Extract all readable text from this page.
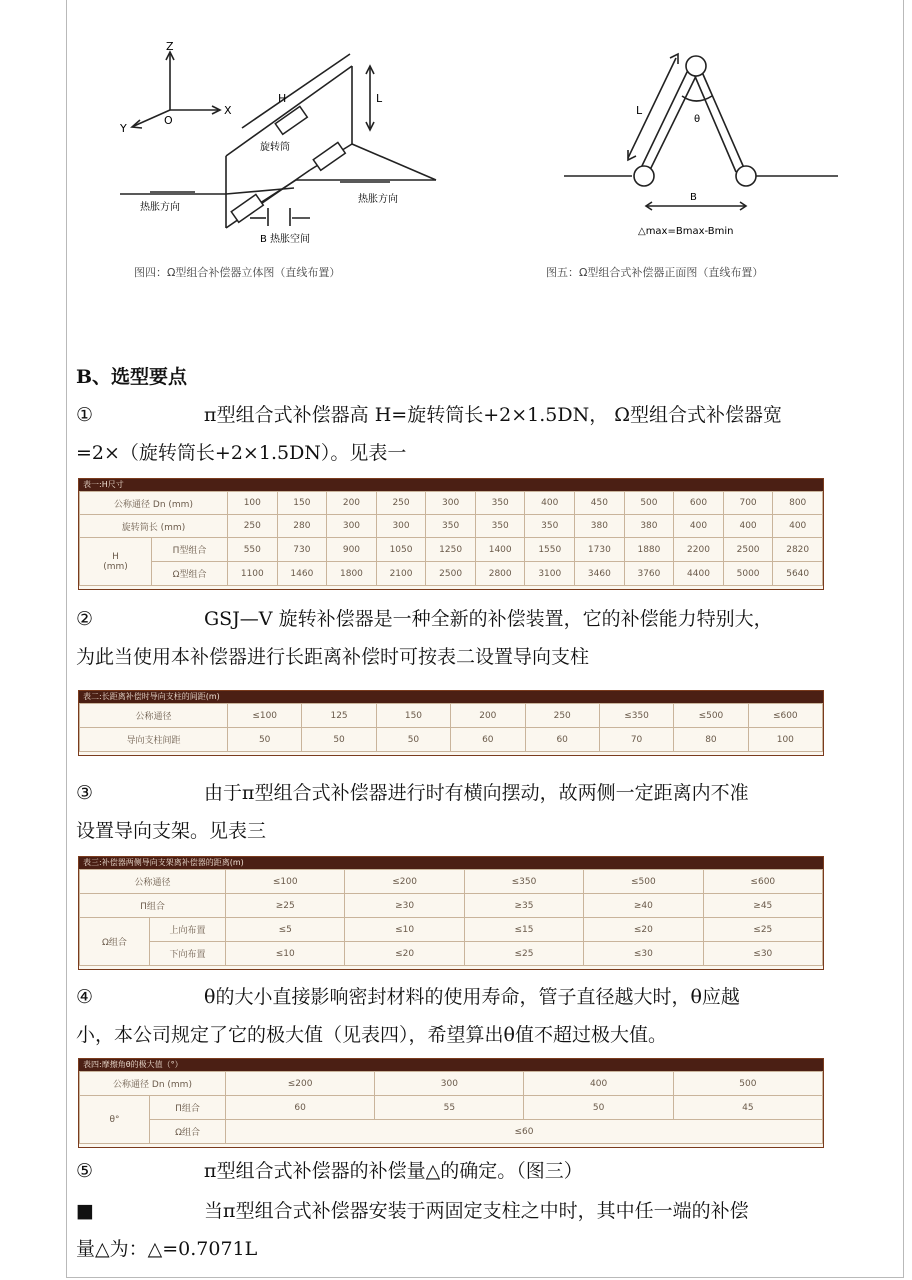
Z
X
Y
O
H	L
旋转筒
热胀方向
热胀方向
B 热胀空间
图四：Ω型组合补偿器立体图（直线布置）
L
θ
B
△max=Bmax-Bmin
图五：Ω型组合式补偿器正面图（直线布置）
B、选型要点
①	п型组合式补偿器高 H=旋转筒长+2×1.5DN， Ω型组合式补偿器宽
=2×（旋转筒长+2×1.5DN）。见表一
表一:H尺寸
公称通径 Dn (mm)		100	150	200	250	300	350	400	450	500	600	700	800
旋转筒长 (mm)		250	280	300	300	350	350	350	380	380	400	400	400
H
(mm)	П型组合	550	730	900	1050	1250	1400	1550	1730	1880	2200	2500	2820
	Ω型组合	1100	1460	1800	2100	2500	2800	3100	3460	3760	4400	5000	5640
②	GSJ—V 旋转补偿器是一种全新的补偿装置，它的补偿能力特别大，
为此当使用本补偿器进行长距离补偿时可按表二设置导向支柱
表二:长距离补偿时导向支柱的间距(m)
公称通径	≤100	125	150	200	250	≤350	≤500	≤600
导向支柱间距	50	50	50	60	60	70	80	100
③	由于п型组合式补偿器进行时有横向摆动，故两侧一定距离内不准
设置导向支架。见表三
表三:补偿器两侧导向支架离补偿器的距离(m)
公称通径		≤100	≤200	≤350	≤500	≤600
П组合		≥25	≥30	≥35	≥40	≥45
Ω组合	上向布置	≤5	≤10	≤15	≤20	≤25
	下向布置	≤10	≤20	≤25	≤30	≤30
④	θ的大小直接影响密封材料的使用寿命，管子直径越大时，θ应越
小，本公司规定了它的极大值（见表四），希望算出θ值不超过极大值。
表四:摩擦角θ的极大值（°）
公称通径 Dn (mm)		≤200	300	400	500
θ°	П组合	60	55	50	45
	Ω组合	≤60			
⑤	п型组合式补偿器的补偿量△的确定。（图三）
■	当п型组合式补偿器安装于两固定支柱之中时，其中任一端的补偿
量△为：△=0.7071L
